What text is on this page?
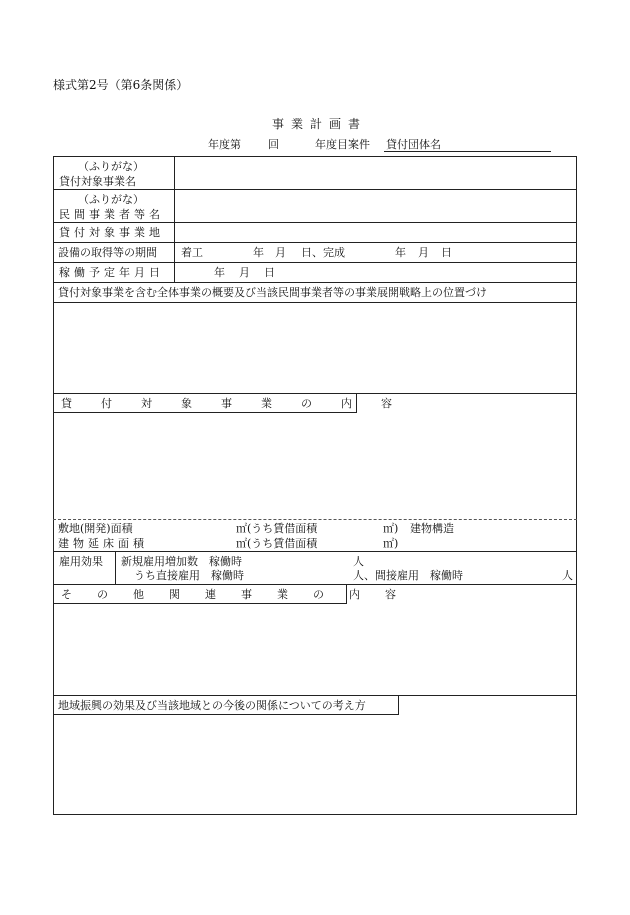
様式第2号（第6条関係）
事業計画書
年度第 回	年度目案件 貸付団体名
（ふりがな）
貸付対象事業名
（ふりがな）
民間事業者等名
貸付対象事業地
設備の取得等の期間 着工	年 月 日、完成	年 月 日
稼働予定年月日	年 月 日
貸付対象事業を含む全体事業の概要及び当該民間事業者等の事業展開戦略上の位置づけ
貸付対象事業の内容
敷地(開発)面積	㎡(うち賃借面積	㎡) 建物構造
建物延床面積	㎡(うち賃借面積	㎡)
雇用効果 新規雇用増加数　稼働時	人
うち直接雇用　稼働時	人、間接雇用　稼働時	人
その他関連事業の内容
地域振興の効果及び当該地域との今後の関係についての考え方
